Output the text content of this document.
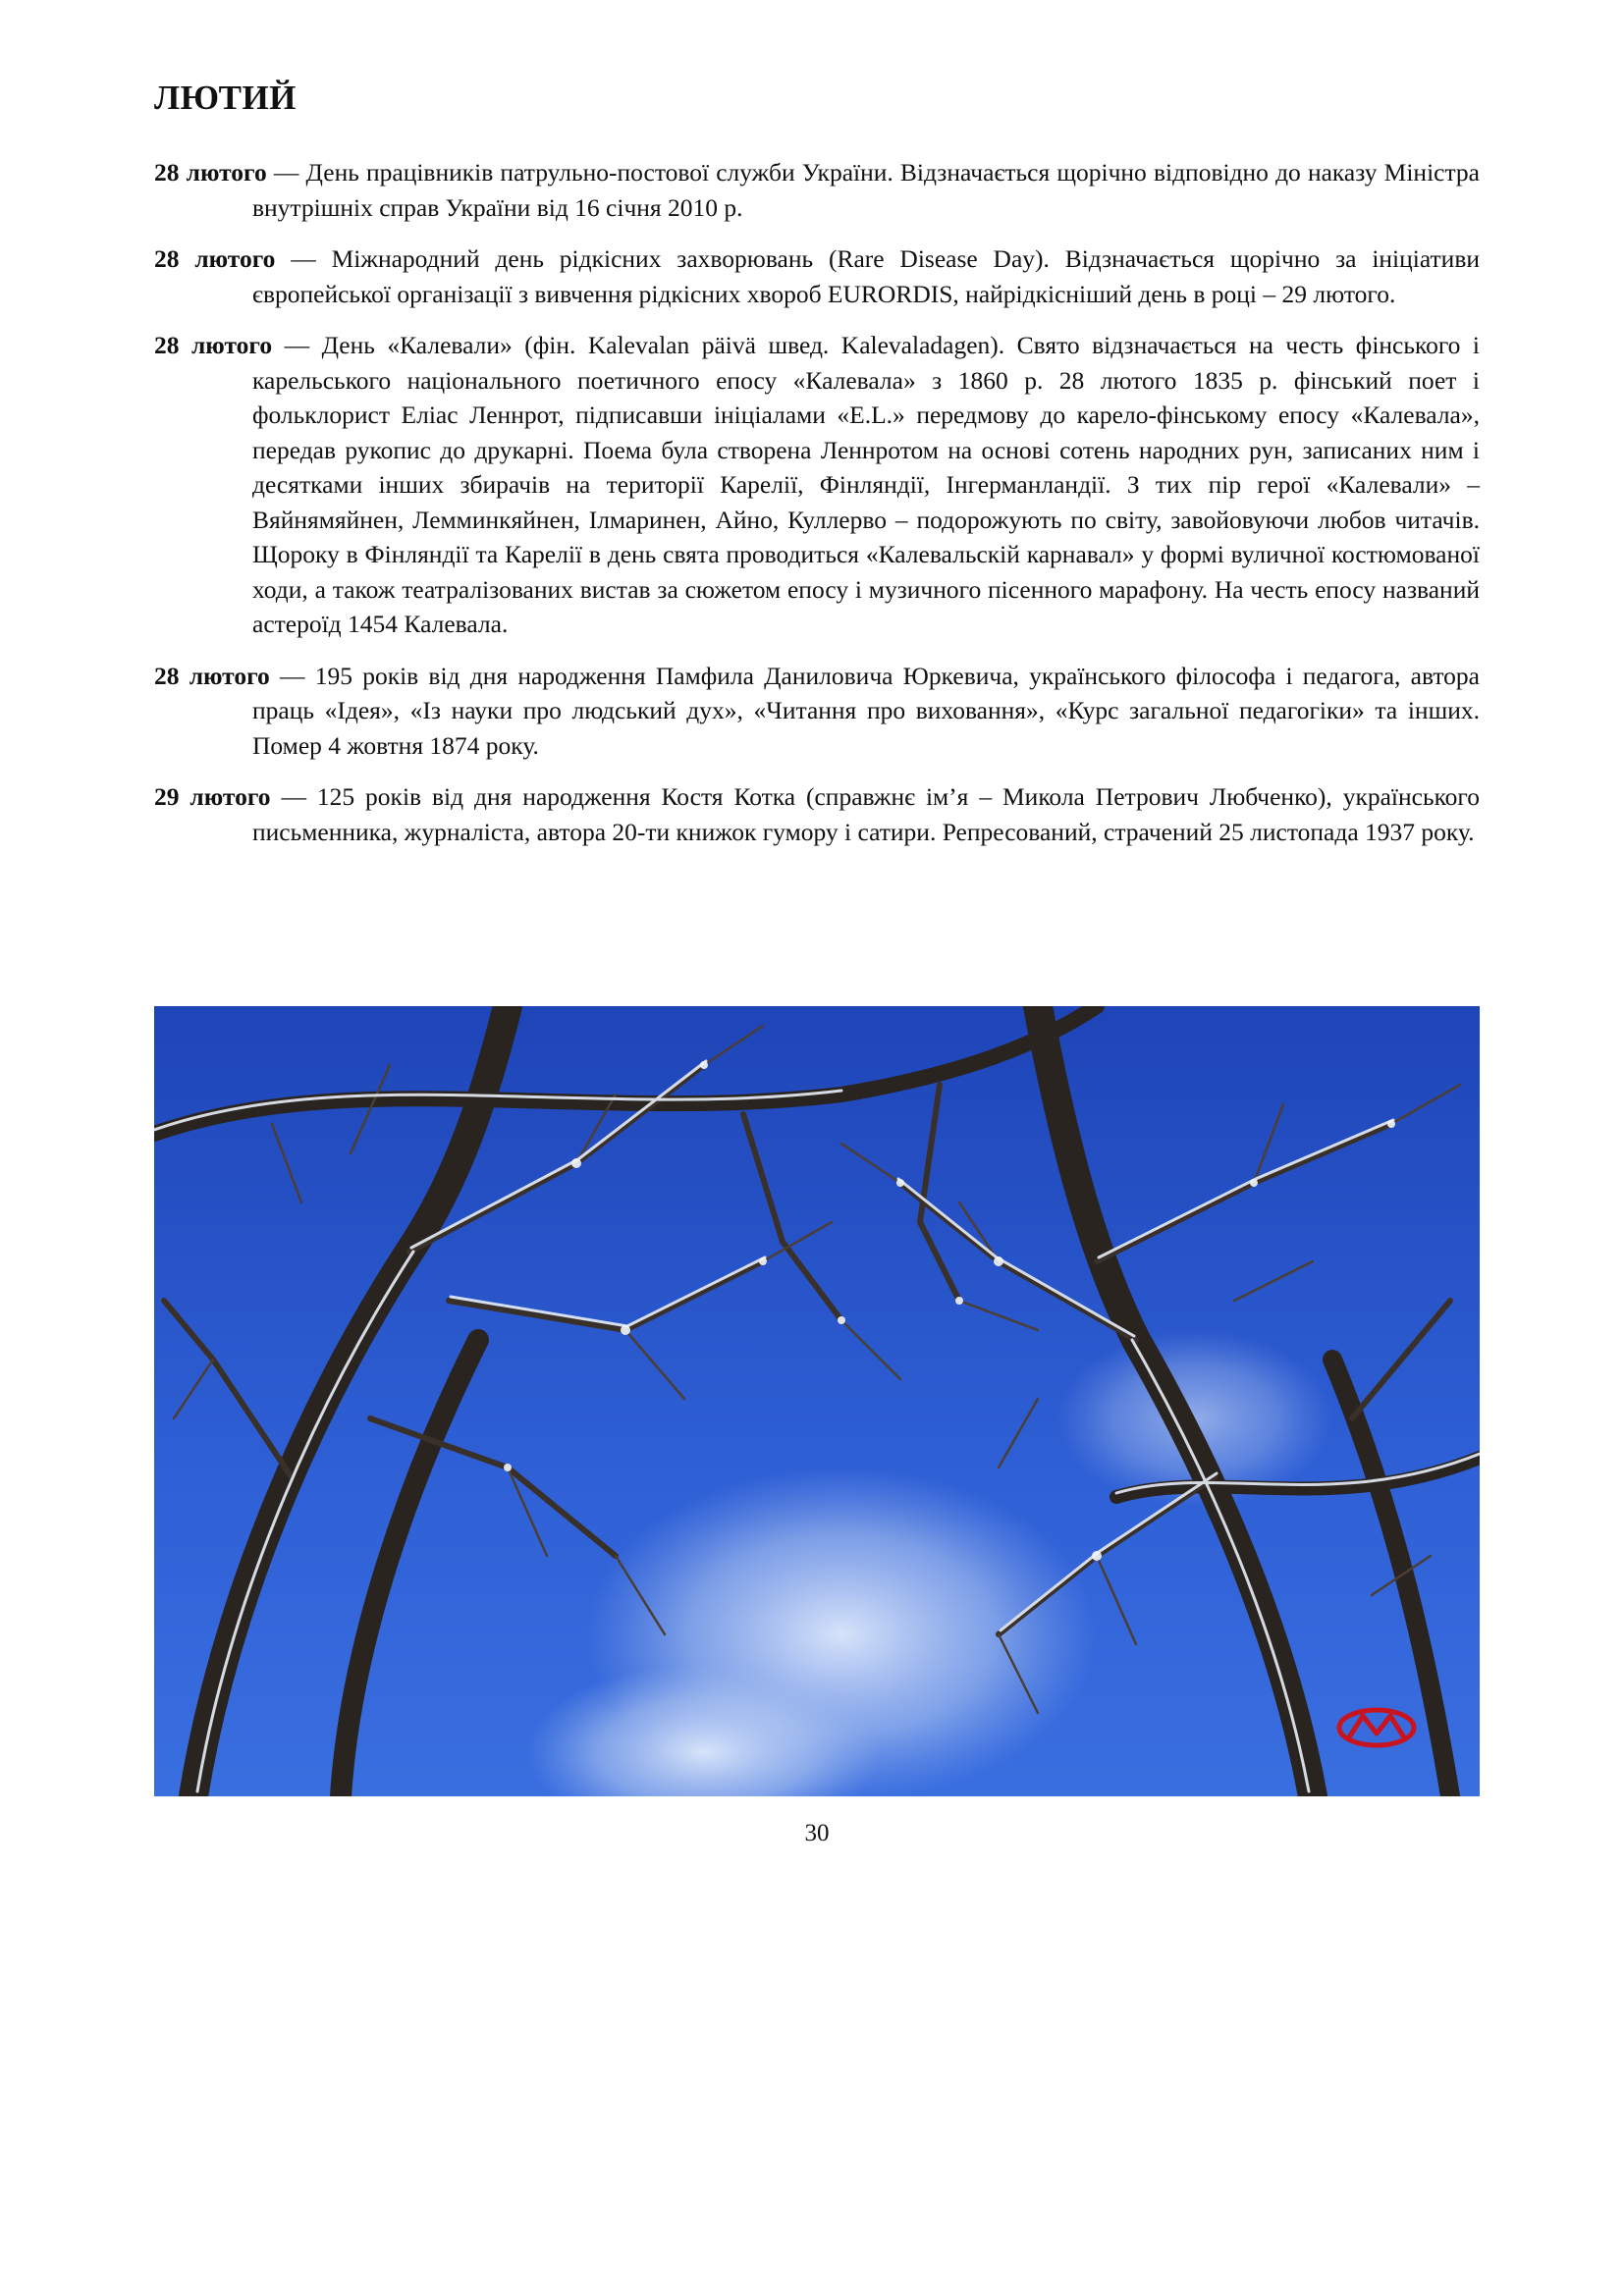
ЛЮТИЙ

28 лютого — День працівників патрульно-постової служби України. Відзначається щорічно відповідно до наказу Міністра внутрішніх справ України від 16 січня 2010 р.

28 лютого — Міжнародний день рідкісних захворювань (Rare Disease Day). Відзначається щорічно за ініціативи європейської організації з вивчення рідкісних хвороб EURORDIS, найрідкісніший день в році – 29 лютого.

28 лютого — День «Калевали» (фін. Kalevalan päivä швед. Kalevaladagen). Свято відзначається на честь фінського і карельського національного поетичного епосу «Калевала» з 1860 р. 28 лютого 1835 р. фінський поет і фольклорист Еліас Леннрот, підписавши ініціалами «E.L.» передмову до карело-фінському епосу «Калевала», передав рукопис до друкарні. Поема була створена Леннротом на основі сотень народних рун, записаних ним і десятками інших збирачів на території Карелії, Фінляндії, Інгерманландії. З тих пір герої «Калевали» – Вяйнямяйнен, Лемминкяйнен, Ілмаринен, Айно, Куллерво – подорожують по світу, завойовуючи любов читачів. Щороку в Фінляндії та Карелії в день свята проводиться «Калевальскій карнавал» у формі вуличної костюмованої ходи, а також театралізованих вистав за сюжетом епосу і музичного пісенного марафону. На честь епосу названий астероїд 1454 Калевала.

28 лютого — 195 років від дня народження Памфила Даниловича Юркевича, українського філософа і педагога, автора праць «Ідея», «Із науки про людський дух», «Читання про виховання», «Курс загальної педагогіки» та інших. Помер 4 жовтня 1874 року.

29 лютого — 125 років від дня народження Костя Котка (справжнє ім’я – Микола Петрович Любченко), українського письменника, журналіста, автора 20-ти книжок гумору і сатири. Репресований, страчений 25 листопада 1937 року.

30
